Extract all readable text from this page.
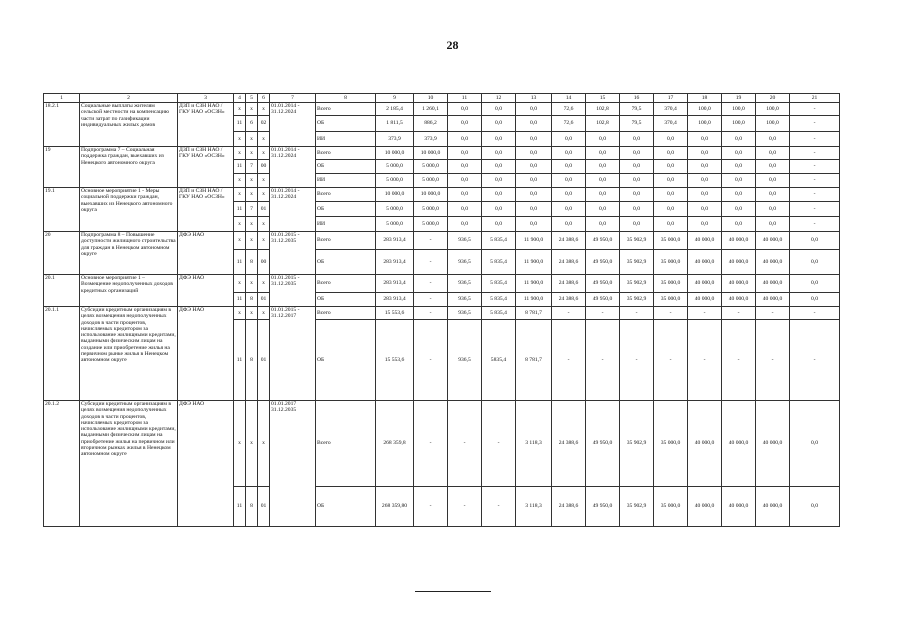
28
1	2	3	4	5	6	7	8	9	10	11	12	13	14	15	16	17	18	19	20	21
18.2.1	Социальные выплаты жителям сельской местности на компенсацию части затрат по газификации индивидуальных жилых домов	ДЗП и СЗН НАО / ГКУ НАО «ОСЗН»	x	x	x	01.01.2014 - 31.12.2024	Всего	2 185,4	1 260,1	0,0	0,0	0,0	72,6	102,8	79,5	370,4	100,0	100,0	100,0	-
			11	6	02		ОБ	1 811,5	886,2	0,0	0,0	0,0	72,6	102,8	79,5	370,4	100,0	100,0	100,0	-
			x	x	x		ИИ	373,9	373,9	0,0	0,0	0,0	0,0	0,0	0,0	0,0	0,0	0,0	0,0	-
19	Подпрограмма 7 – Социальная поддержка граждан, выехавших из Ненецкого автономного округа	ДЗП и СЗН НАО / ГКУ НАО «ОСЗН»	x	x	x	01.01.2014 - 31.12.2024	Всего	10 000,0	10 000,0	0,0	0,0	0,0	0,0	0,0	0,0	0,0	0,0	0,0	0,0	-
			11	7	00		ОБ	5 000,0	5 000,0	0,0	0,0	0,0	0,0	0,0	0,0	0,0	0,0	0,0	0,0	-
			x	x	x		ИИ	5 000,0	5 000,0	0,0	0,0	0,0	0,0	0,0	0,0	0,0	0,0	0,0	0,0	-
19.1	Основное мероприятие 1 - Меры социальной поддержки граждан, выехавших из Ненецкого автономного округа	ДЗП и СЗН НАО / ГКУ НАО «ОСЗН»	x	x	x	01.01.2014 - 31.12.2024	Всего	10 000,0	10 000,0	0,0	0,0	0,0	0,0	0,0	0,0	0,0	0,0	0,0	0,0	-
			11	7	01		ОБ	5 000,0	5 000,0	0,0	0,0	0,0	0,0	0,0	0,0	0,0	0,0	0,0	0,0	-
			x	x	x		ИИ	5 000,0	5 000,0	0,0	0,0	0,0	0,0	0,0	0,0	0,0	0,0	0,0	0,0	-
20	Подпрограмма 8 – Повышение доступности жилищного строительства для граждан в Ненецком автономном округе	ДФЭ НАО	x	x	x	01.01.2015 - 31.12.2035	Всего	283 913,4	-	936,5	5 835,4	11 900,0	24 388,6	49 950,0	35 902,9	35 000,0	40 000,0	40 000,0	40 000,0	0,0
			11	8	00		ОБ	283 913,4	-	936,5	5 835,4	11 900,0	24 388,6	49 950,0	35 902,9	35 000,0	40 000,0	40 000,0	40 000,0	0,0
20.1	Основное мероприятие 1 – Возмещение недополученных доходов кредитных организаций	ДФЭ НАО	x	x	x	01.01.2015 - 31.12.2035	Всего	283 913,4	-	936,5	5 835,4	11 900,0	24 388,6	49 950,0	35 902,9	35 000,0	40 000,0	40 000,0	40 000,0	0,0
			11	8	01		ОБ	283 913,4	-	936,5	5 835,4	11 900,0	24 388,6	49 950,0	35 902,9	35 000,0	40 000,0	40 000,0	40 000,0	0,0
20.1.1	Субсидии кредитным организациям в целях возмещения недополученных доходов в части процентов, начисляемых кредитором за использование жилищными кредитами, выданными физическим лицам на создание или приобретение жилья на первичном рынке жилья в Ненецком автономном округе	ДФЭ НАО	x	x	x	01.01.2015 - 31.12.2017	Всего	15 553,6	-	936,5	5 835,4	8 781,7	-	-	-	-	-	-	-	-
			11	8	01		ОБ	15 553,6	-	936,5	5835,4	8 781,7	-	-	-	-	-	-	-	-
20.1.2	Субсидии кредитным организациям в целях возмещения недополученных доходов в части процентов, начисляемых кредитором за использование жилищными кредитами, выданными физическим лицам на приобретение жилья на первичном или вторичном рынках жилья в Ненецком автономном округе	ДФЭ НАО	x	x	x	01.01.2017 31.12.2035	Всего	268 359,8	-	-	-	3 118,3	24 388,6	49 950,0	35 902,9	35 000,0	40 000,0	40 000,0	40 000,0	0,0
			11	8	01		ОБ	268 359,80	-	-	-	3 118,3	24 388,6	49 950,0	35 902,9	35 000,0	40 000,0	40 000,0	40 000,0	0,0
